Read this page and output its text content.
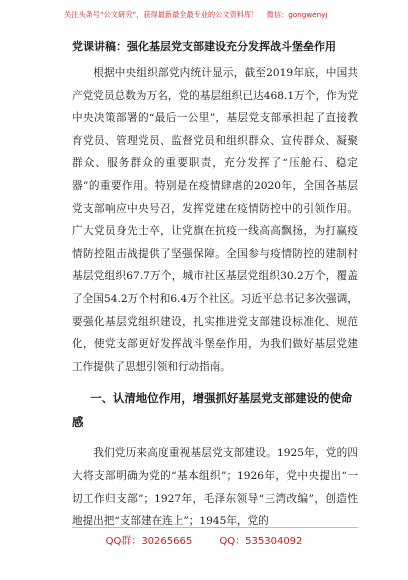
关注头条号“公文研究”，获得最新最全最专业的公文资料库！ 微信：gongwenyj
党课讲稿：强化基层党支部建设充分发挥战斗堡垒作用

根据中央组织部党内统计显示，截至2019年底，中国共产党党员总数为万名，党的基层组织已达468.1万个，作为党中央决策部署的“最后一公里”，基层党支部承担起了直接教育党员、管理党员、监督党员和组织群众、宣传群众、凝聚群众、服务群众的重要职责，充分发挥了“压舱石、稳定器”的重要作用。特别是在疫情肆虐的2020年，全国各基层党支部响应中央号召，发挥党建在疫情防控中的引领作用。广大党员身先士卒，让党旗在抗疫一线高高飘扬，为打赢疫情防控阻击战提供了坚强保障。全国参与疫情防控的建制村基层党组织67.7万个，城市社区基层党组织30.2万个，覆盖了全国54.2万个村和6.4万个社区。习近平总书记多次强调，要强化基层党组织建设，扎实推进党支部建设标准化、规范化，使党支部更好发挥战斗堡垒作用，为我们做好基层党建工作提供了思想引领和行动指南。

一、认清地位作用，增强抓好基层党支部建设的使命感

我们党历来高度重视基层党支部建设。1925年，党的四大将支部明确为党的“基本组织”；1926年，党中央提出“一切工作归支部”；1927年，毛泽东领导“三湾改编”，创造性地提出把“支部建在连上”；1945年，党的

QQ群：30265665	QQ：535304092
